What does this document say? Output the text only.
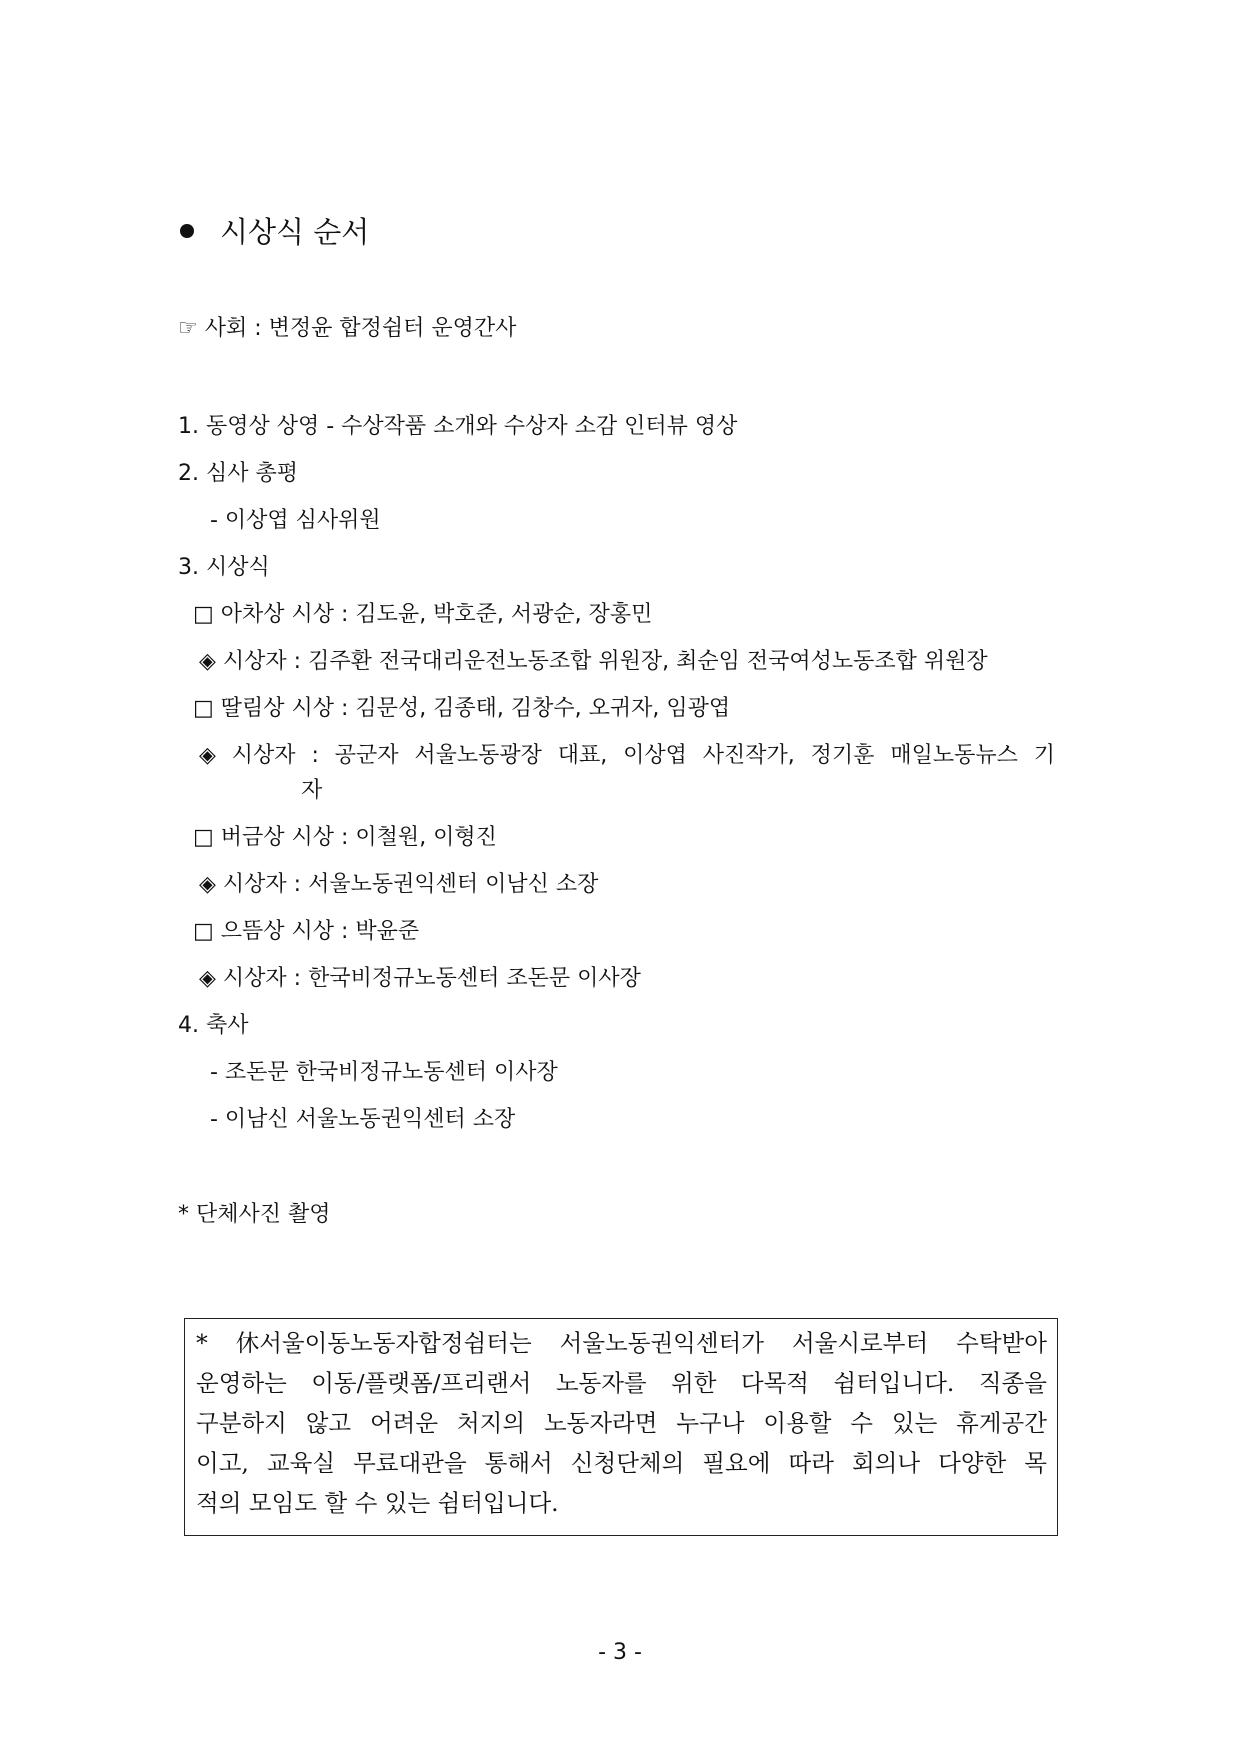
시상식 순서
☞ 사회 : 변정윤 합정쉼터 운영간사
1. 동영상 상영 - 수상작품 소개와 수상자 소감 인터뷰 영상
2. 심사 총평
- 이상엽 심사위원
3. 시상식
□ 아차상 시상 : 김도윤, 박호준, 서광순, 장홍민
◈ 시상자 : 김주환 전국대리운전노동조합 위원장, 최순임 전국여성노동조합 위원장
□ 딸림상 시상 : 김문성, 김종태, 김창수, 오귀자, 임광엽
◈ 시상자 : 공군자 서울노동광장 대표, 이상엽 사진작가, 정기훈 매일노동뉴스 기
자
□ 버금상 시상 : 이철원, 이형진
◈ 시상자 : 서울노동권익센터 이남신 소장
□ 으뜸상 시상 : 박윤준
◈ 시상자 : 한국비정규노동센터 조돈문 이사장
4. 축사
- 조돈문 한국비정규노동센터 이사장
- 이남신 서울노동권익센터 소장
* 단체사진 촬영
* 休서울이동노동자합정쉼터는 서울노동권익센터가 서울시로부터 수탁받아
운영하는 이동/플랫폼/프리랜서 노동자를 위한 다목적 쉼터입니다. 직종을
구분하지 않고 어려운 처지의 노동자라면 누구나 이용할 수 있는 휴게공간
이고, 교육실 무료대관을 통해서 신청단체의 필요에 따라 회의나 다양한 목
적의 모임도 할 수 있는 쉼터입니다.
- 3 -
